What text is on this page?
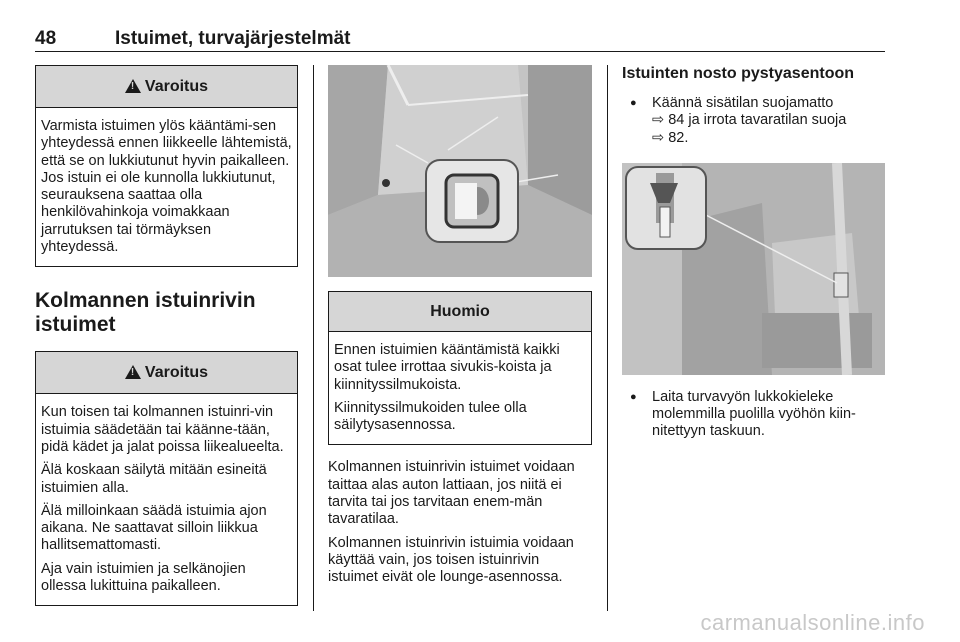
48	Istuimet, turvajärjestelmät
!
Varoitus

Varmista istuimen ylös kääntämi-sen yhteydessä ennen liikkeelle lähtemistä, että se on lukkiutunut hyvin paikalleen. Jos istuin ei ole kunnolla lukkiutunut, seurauksena saattaa olla henkilövahinkoja voimakkaan jarrutuksen tai törmäyksen yhteydessä.

Kolmannen istuinrivin istuimet
!
Varoitus

Kun toisen tai kolmannen istuinri-vin istuimia säädetään tai käänne-tään, pidä kädet ja jalat poissa liikealueelta.

Älä koskaan säilytä mitään esineitä istuimien alla.

Älä milloinkaan säädä istuimia ajon aikana. Ne saattavat silloin liikkua hallitsemattomasti.

Aja vain istuimien ja selkänojien ollessa lukittuina paikalleen.

Huomio

Ennen istuimien kääntämistä kaikki osat tulee irrottaa sivukis-koista ja kiinnityssilmukoista.

Kiinnityssilmukoiden tulee olla säilytysasennossa.

Kolmannen istuinrivin istuimet voidaan taittaa alas auton lattiaan, jos niitä ei tarvita tai jos tarvitaan enem-män tavaratilaa.

Kolmannen istuinrivin istuimia voidaan käyttää vain, jos toisen istuinrivin istuimet eivät ole lounge-asennossa.

Istuinten nosto pystyasentoon
● Käännä sisätilan suojamatto
⇨ 84 ja irrota tavaratilan suoja
⇨ 82.
● Laita turvavyön lukkokieleke molemmilla puolilla vyöhön kiin-nitettyyn taskuun.
carmanualsonline.info
